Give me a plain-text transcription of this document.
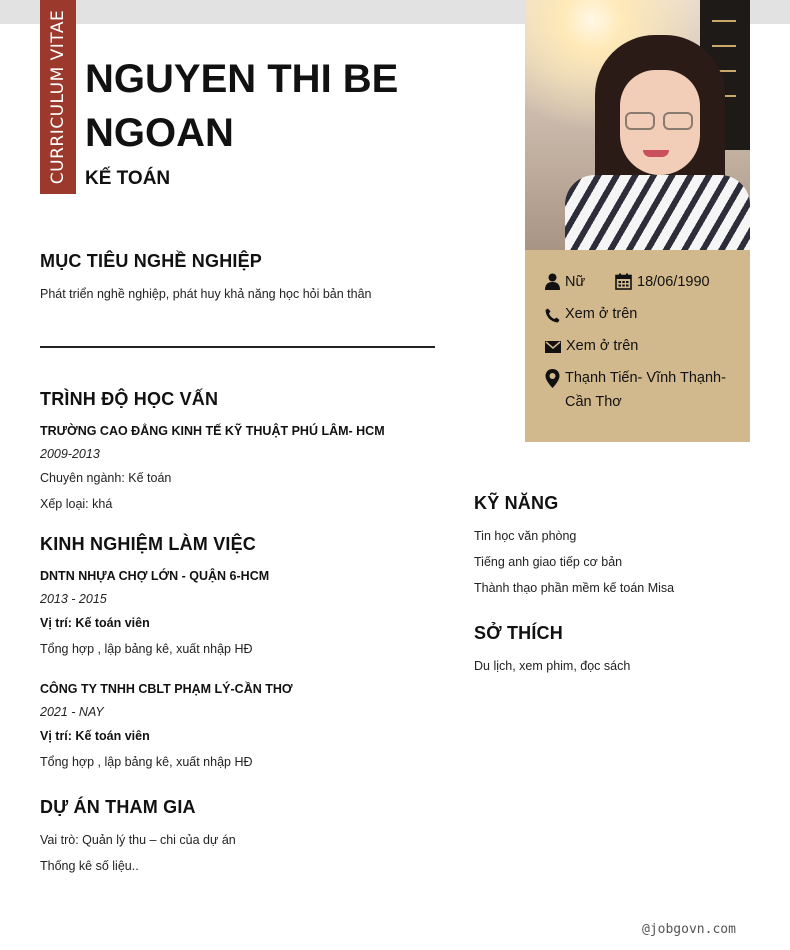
CURRICULUM VITAE NGUYEN THI BE NGOAN
KẾ TOÁN
Nữ	18/06/1990
Xem ở trên
Xem ở trên
Thạnh Tiến- Vĩnh Thạnh- Cần Thơ
MỤC TIÊU NGHỀ NGHIỆP
Phát triển nghề nghiệp, phát huy khả năng học hỏi bản thân
TRÌNH ĐỘ HỌC VẤN
TRƯỜNG CAO ĐẲNG KINH TẾ KỸ THUẬT PHÚ LÂM- HCM
2009-2013
Chuyên ngành: Kế toán
Xếp loại: khá
KINH NGHIỆM LÀM VIỆC
DNTN NHỰA CHỢ LỚN - QUẬN 6-HCM
2013 - 2015
Vị trí: Kế toán viên
Tổng hợp , lập bảng kê, xuất nhập HĐ
CÔNG TY TNHH CBLT PHẠM LÝ-CẦN THƠ
2021 - NAY
Vị trí: Kế toán viên
Tổng hợp , lập bảng kê, xuất nhập HĐ
DỰ ÁN THAM GIA
Vai trò: Quản lý thu – chi của dự án
Thống kê số liệu..
KỸ NĂNG
Tin học văn phòng
Tiếng anh giao tiếp cơ bản
Thành thạo phần mềm kế toán Misa
SỞ THÍCH
Du lịch, xem phim, đọc sách
@jobgovn.com
